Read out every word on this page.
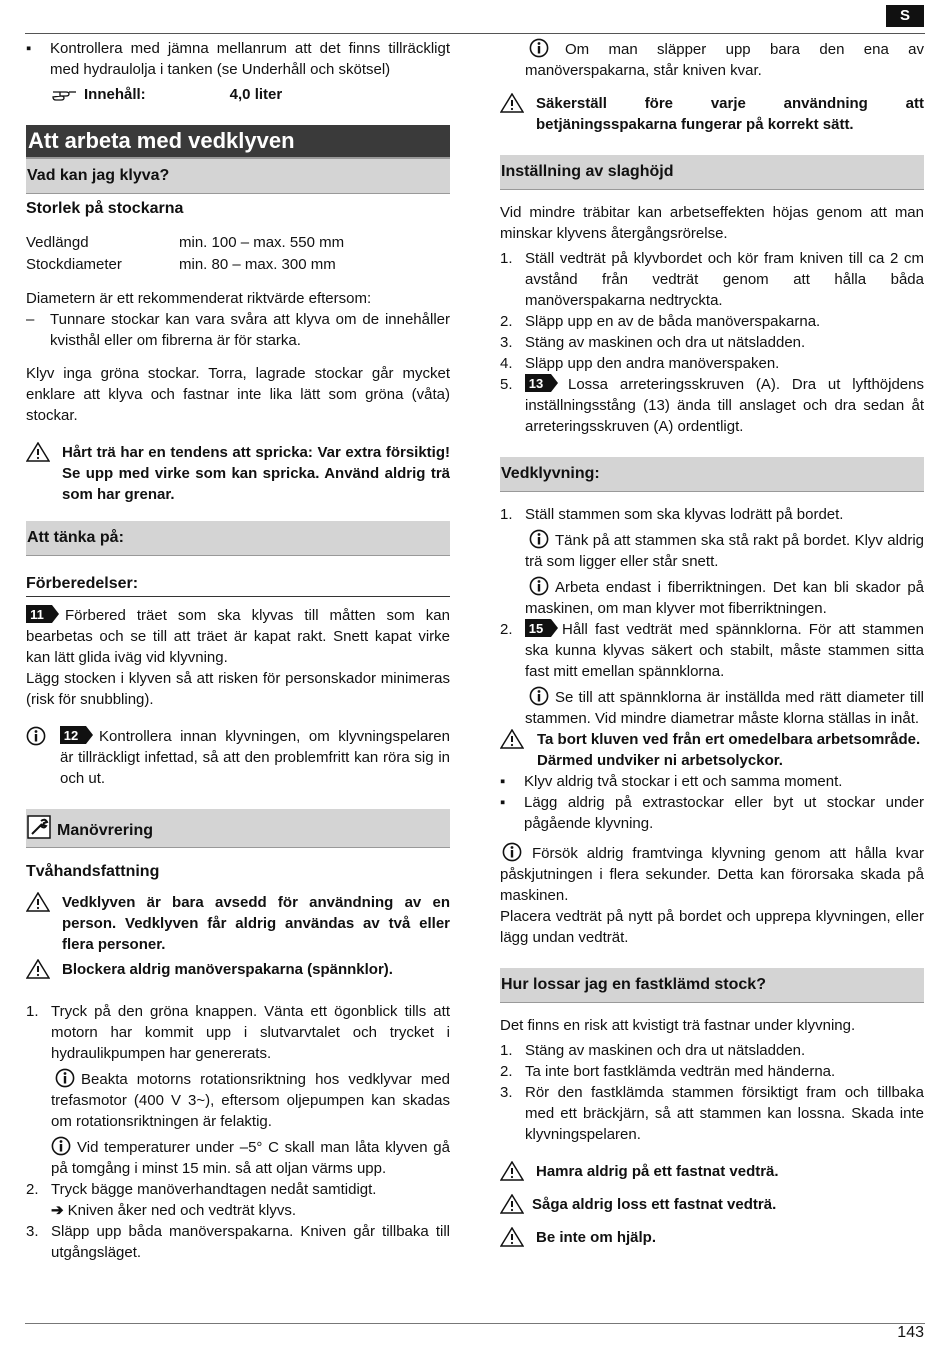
S
▪	Kontrollera med jämna mellanrum att det finns tillräckligt med hydraulolja i tanken (se Underhåll och skötsel)

Innehåll:	4,0 liter

Att arbeta med vedklyven
Vad kan jag klyva?

Storlek på stockarna

Vedlängd	min. 100 – max. 550 mm
Stockdiameter	min. 80 – max. 300 mm

Diametern är ett rekommenderat riktvärde eftersom:

–	Tunnare stockar kan vara svåra att klyva om de innehåller kvisthål eller om fibrerna är för starka.

Klyv inga gröna stockar. Torra, lagrade stockar går mycket enklare att klyva och fastnar inte lika lätt som gröna (våta) stockar.

Hårt trä har en tendens att spricka: Var extra försiktig! Se upp med virke som kan spricka. Använd aldrig trä som har grenar.
Att tänka på:
Förberedelser:

11 Förbered träet som ska klyvas till måtten som kan bearbetas och se till att träet är kapat rakt. Snett kapat virke kan lätt glida iväg vid klyvning.

Lägg stocken i klyven så att risken för personskador minimeras (risk för snubbling).

12 Kontrollera innan klyvningen, om klyvningspelaren är tillräckligt infettad, så att den problemfritt kan röra sig in och ut.
Manövrering
Tvåhandsfattning
Vedklyven är bara avsedd för användning av en person. Vedklyven får aldrig användas av två eller flera personer.
Blockera aldrig manöverspakarna (spännklor).
1. Tryck på den gröna knappen. Vänta ett ögonblick tills att motorn har kommit upp i slutvarvtalet och trycket i hydraulikpumpen har genererats.

Beakta motorns rotationsriktning hos vedklyvar med trefasmotor (400 V 3~), eftersom oljepumpen kan skadas om rotationsriktningen är felaktig.

Vid temperaturer under –5° C skall man låta klyven gå på tomgång i minst 15 min. så att oljan värms upp.

2. Tryck bägge manöverhandtagen nedåt samtidigt.

➔ Kniven åker ned och vedträt klyvs.

3. Släpp upp båda manöverspakarna. Kniven går tillbaka till utgångsläget.

Om man släpper upp bara den ena av manöverspakarna, står kniven kvar.

Säkerställ före varje användning att betjäningsspakarna fungerar på korrekt sätt.
Inställning av slaghöjd

Vid mindre träbitar kan arbetseffekten höjas genom att man minskar klyvens återgångsrörelse.

1. Ställ vedträt på klyvbordet och kör fram kniven till ca 2 cm avstånd från vedträt genom att hålla båda manöverspakarna nedtryckta.
2. Släpp upp en av de båda manöverspakarna.
3. Stäng av maskinen och dra ut nätsladden.
4. Släpp upp den andra manöverspaken.
5.	13 Lossa arreteringsskruven (A). Dra ut lyfthöjdens inställningsstång (13) ända till anslaget och dra sedan åt arreteringsskruven (A) ordentligt.
Vedklyvning:
1. Ställ stammen som ska klyvas lodrätt på bordet.

Tänk på att stammen ska stå rakt på bordet. Klyv aldrig trä som ligger eller står snett.

Arbeta endast i fiberriktningen. Det kan bli skador på maskinen, om man klyver mot fiberriktningen.

2.	15 Håll fast vedträt med spännklorna. För att stammen ska kunna klyvas säkert och stabilt, måste stammen sitta fast mitt emellan spännklorna.

Se till att spännklorna är inställda med rätt diameter till stammen. Vid mindre diametrar måste klorna ställas in inåt.

Ta bort kluven ved från ert omedelbara arbetsområde. Därmed undviker ni arbetsolyckor.
▪	Klyv aldrig två stockar i ett och samma moment.
▪	Lägg aldrig på extrastockar eller byt ut stockar under pågående klyvning.

Försök aldrig framtvinga klyvning genom att hålla kvar påskjutningen i flera sekunder. Detta kan förorsaka skada på maskinen.

Placera vedträt på nytt på bordet och upprepa klyvningen, eller lägg undan vedträt.

Hur lossar jag en fastklämd stock?

Det finns en risk att kvistigt trä fastnar under klyvning.

1. Stäng av maskinen och dra ut nätsladden.
2. Ta inte bort fastklämda vedträn med händerna.
3. Rör den fastklämda stammen försiktigt fram och tillbaka med ett bräckjärn, så att stammen kan lossna. Skada inte klyvningspelaren.
Hamra aldrig på ett fastnat vedträ.
Såga aldrig loss ett fastnat vedträ.
Be inte om hjälp.
143
